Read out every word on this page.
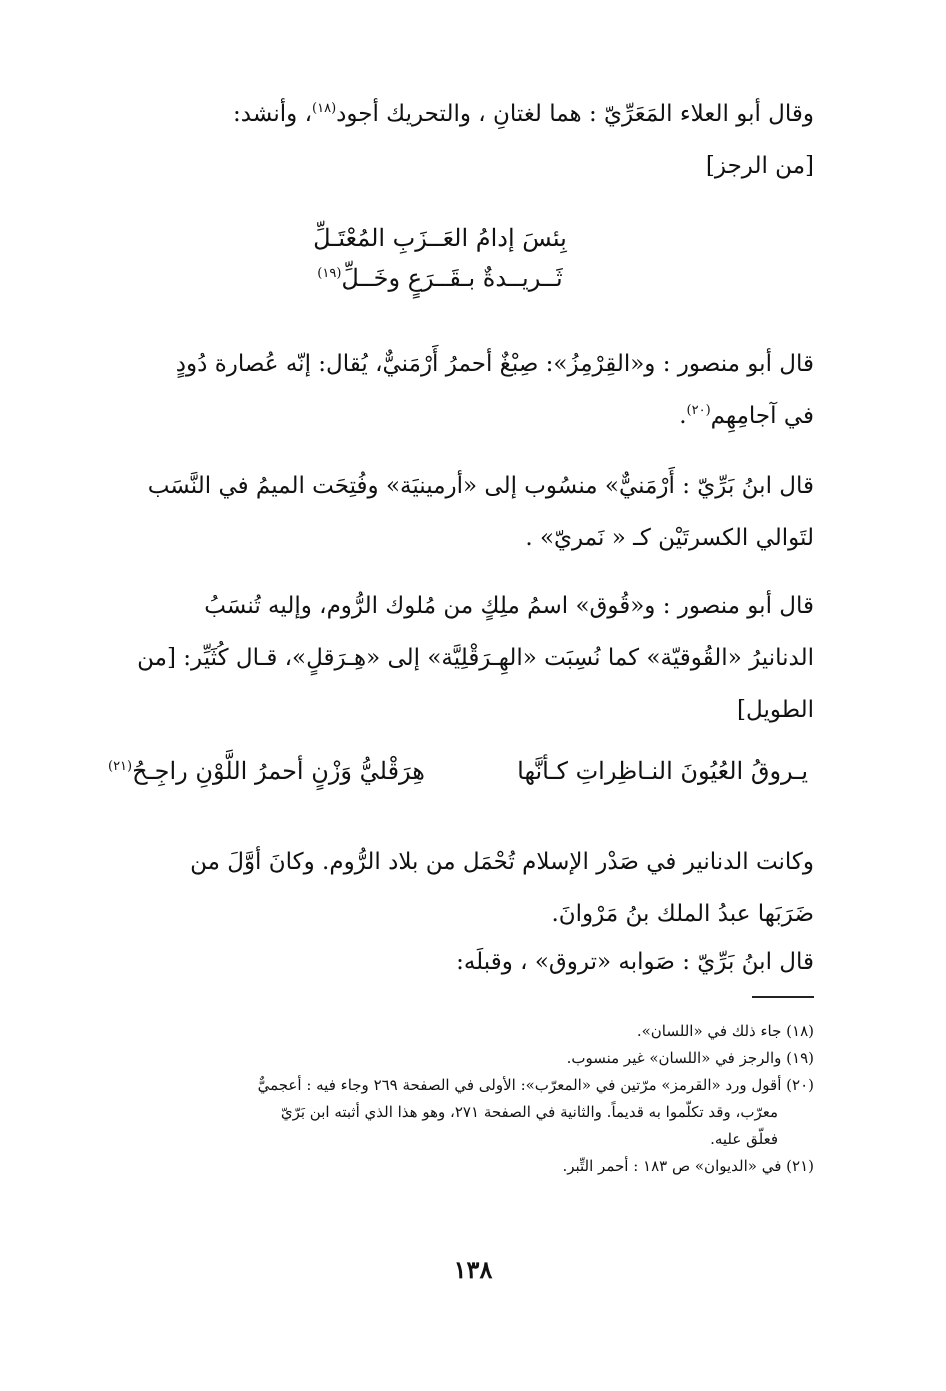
وقال أبو العلاء المَعَرِّيّ : هما لغتانِ ، والتحريك أجود$^{(١٨)}$، وأنشد:
[من الرجز]
بِئسَ إدامُ العَــزَبِ المُعْتَـلِّ
ثَــريــدةٌ بـقَــرَعٍ وخَــلِّ$^{(١٩)}$
قال أبو منصور : و«القِرْمِزُ»: صِبْغٌ أحمرُ أَرْمَنيٌّ، يُقال: إنّه عُصارة دُودٍ
في آجامِهِم$^{(٢٠)}$.
قال ابنُ بَرِّيّ : أَرْمَنيٌّ» منسُوب إلى «أرمينيَة» وفُتِحَت الميمُ في النَّسَب
لتَوالي الكسرتَيْن كـ « نَمريّ» .
قال أبو منصور : و«قُوق» اسمُ ملِكٍ من مُلوك الرُّوم، وإليه تُنسَبُ
الدنانيرُ «القُوقيّة» كما نُسِبَت «الهِـرَقْلِيَّة» إلى «هِـرَقلٍ»، قـال كُثَيِّر: [من
الطويل]
يـروقُ العُيُونَ النـاظِراتِ كـأنَّها
هِرَقْليُّ وَزْنٍ أحمرُ اللَّوْنِ راجِـحُ$^{(٢١)}$
وكانت الدنانير في صَدْر الإسلام تُحْمَل من بلاد الرُّوم. وكانَ أوَّلَ من
ضَرَبَها عبدُ الملك بنُ مَرْوانَ.
قال ابنُ بَرِّيّ : صَوابه «تروق» ، وقبلَه:
(١٨) جاء ذلك في «اللسان».
(١٩) والرجز في «اللسان» غير منسوب.
(٢٠) أقول ورد «القرمز» مرّتين في «المعرّب»: الأولى في الصفحة ٢٦٩ وجاء فيه : أعجميٌّ
معرّب، وقد تكلّموا به قديماً. والثانية في الصفحة ٢٧١، وهو هذا الذي أثبته ابن بَرّيّ
فعلّق عليه.
(٢١) في «الديوان» ص ١٨٣ : أحمر التِّبر.
١٣٨
